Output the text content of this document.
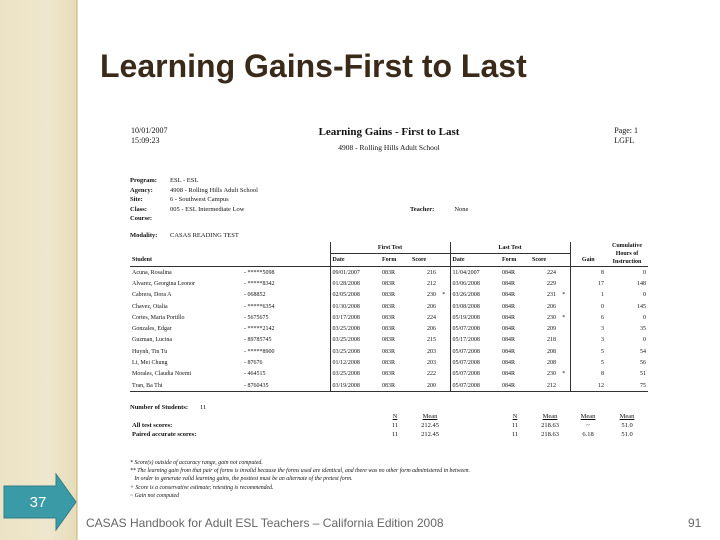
Learning Gains-First to Last
10/01/2007
15:09:23
Learning Gains - First to Last
4908 - Rolling Hills Adult School
Page: 1
LGFL
Program: ESL - ESL
Agency:	4908 - Rolling Hills Adult School
Site:	6 - Southwest Campus
Class:	005 - ESL Intermediate Low
Course:
Teacher:	None
Modality: CASAS READING TEST
		First Test				Last Test					Cumulative Hours of Instruction
Student		Date	Form	Score		Date	Form	Score		Gain	
Acuna, Rosalina	- *****5098	09/01/2007	083R	216		11/04/2007	084R	224		8	0
Alvarez, Georgina Leonor	- *****8342	01/28/2008	083R	212		03/06/2008	084R	229		17	148
Cabrera, Dora A	- 068852	02/05/2008	083R	230	*	03/26/2008	084R	231	*	1	0
Chavez, Otalia	- *****6354	01/30/2008	083R	206		03/08/2008	084R	206		0	145
Cortes, Maria Portillo	- 5675675	03/17/2008	083R	224		05/19/2008	084R	230	*	6	0
Gonzales, Edgar	- *****2142	03/25/2008	083R	206		05/07/2008	084R	209		3	35
Guzman, Lucina	- 89785745	03/25/2008	083R	215		05/17/2008	084R	218		3	0
Huynh, Tin Tu	- *****8900	03/25/2008	083R	203		05/07/2008	084R	208		5	54
Li, Mei Chung	- 87676	01/12/2008	083R	203		05/07/2008	084R	208		5	56
Morales, Claudia Noemi	- 464515	03/25/2008	083R	222		05/07/2008	084R	230	*	8	51
Tran, Ba Thi	- 8760435	03/19/2008	083R	200		05/07/2008	084R	212		12	75
Number of Students: 11
		N	Mean		N	Mean	Mean	Mean
All test scores:		11	212.45		11	218.63	~	51.0
Paired accurate scores:		11	212.45		11	218.63	6.18	51.0
* Score(s) outside of accuracy range, gain not computed.
** The learning gain from that pair of forms is invalid because the forms used are identical, and there was no other form administered in between.
In order to generate valid learning gains, the posttest must be an alternate of the pretest form.
+ Score is a conservative estimate; retesting is recommended.
~ Gain not computed
37
CASAS Handbook for Adult ESL Teachers – California Edition 2008	91
